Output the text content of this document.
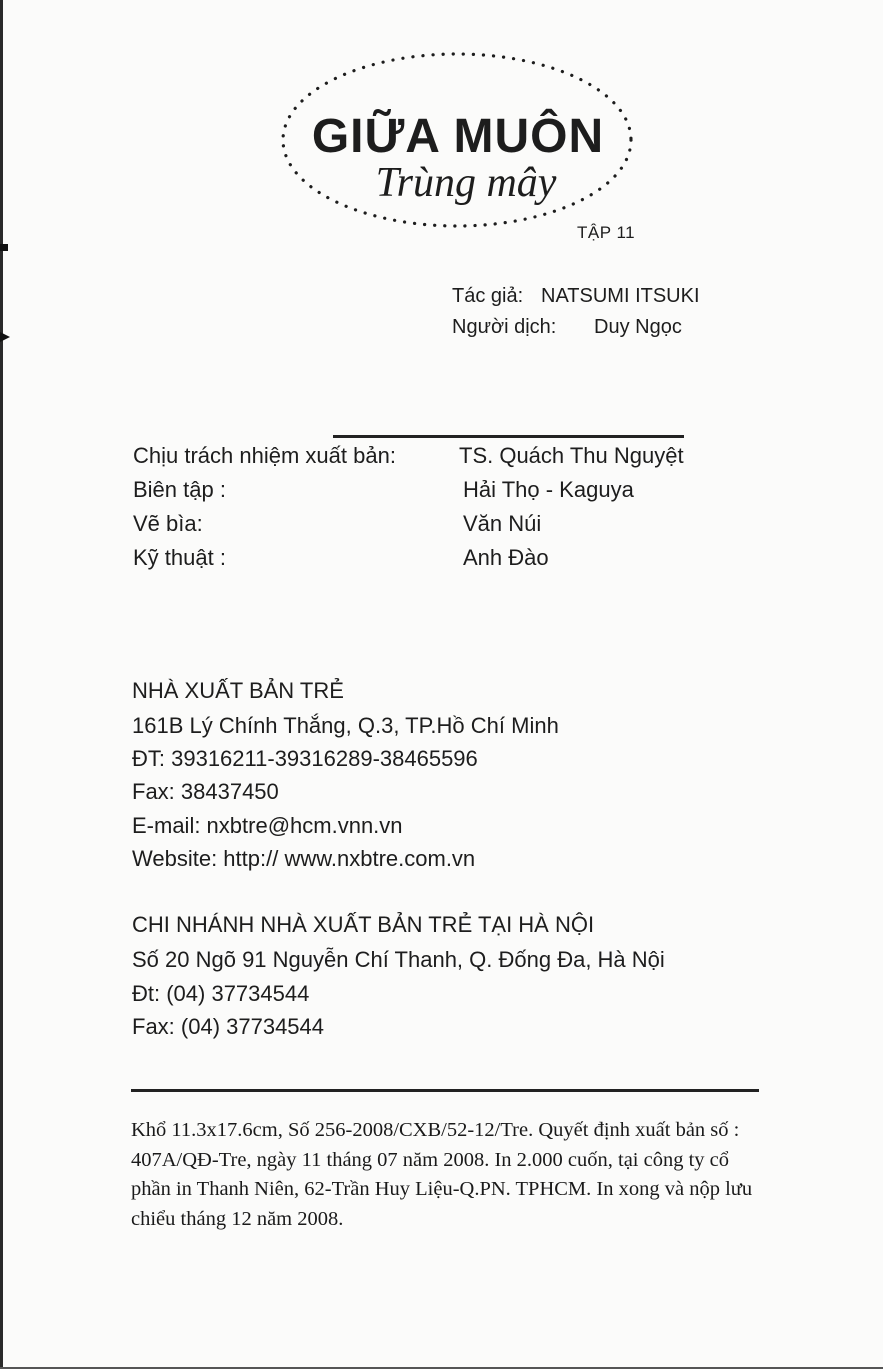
GIỮA MUÔN
Trùng mây
TẬP 11
Tác giả: NATSUMI ITSUKI
Người dịch: Duy Ngọc
Chịu trách nhiệm xuất bản:	TS. Quách Thu Nguyệt
Biên tập :	Hải Thọ - Kaguya
Vẽ bìa:	Văn Núi
Kỹ thuật :	Anh Đào
NHÀ XUẤT BẢN TRẺ
161B Lý Chính Thắng, Q.3, TP.Hồ Chí Minh
ĐT: 39316211-39316289-38465596
Fax: 38437450
E-mail: nxbtre@hcm.vnn.vn
Website: http:// www.nxbtre.com.vn
CHI NHÁNH NHÀ XUẤT BẢN TRẺ TẠI HÀ NỘI
Số 20 Ngõ 91 Nguyễn Chí Thanh, Q. Đống Đa, Hà Nội
Đt: (04) 37734544
Fax: (04) 37734544
Khổ 11.3x17.6cm, Số 256-2008/CXB/52-12/Tre. Quyết định xuất bản số : 407A/QĐ-Tre, ngày 11 tháng 07 năm 2008. In 2.000 cuốn, tại công ty cổ phần in Thanh Niên, 62-Trần Huy Liệu-Q.PN. TPHCM. In xong và nộp lưu chiểu tháng 12 năm 2008.
